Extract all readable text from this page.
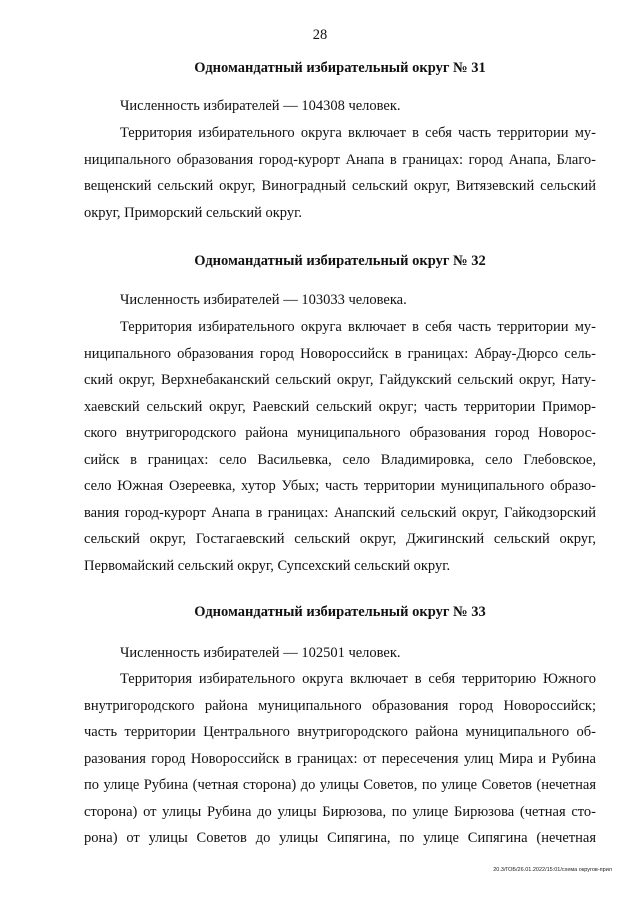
28
Одномандатный избирательный округ № 31
Численность избирателей — 104308 человек.
Территория избирательного округа включает в себя часть территории му-
ниципального образования город-курорт Анапа в границах: город Анапа, Благо-
вещенский сельский округ, Виноградный сельский округ, Витязевский сельский
округ, Приморский сельский округ.
Одномандатный избирательный округ № 32
Численность избирателей — 103033 человека.
Территория избирательного округа включает в себя часть территории му-
ниципального образования город Новороссийск в границах: Абрау-Дюрсо сель-
ский округ, Верхнебаканский сельский округ, Гайдукский сельский округ, Нату-
хаевский сельский округ, Раевский сельский округ; часть территории Примор-
ского внутригородского района муниципального образования город Новорос-
сийск в границах: село Васильевка, село Владимировка, село Глебовское,
село Южная Озереевка, хутор Убых; часть территории муниципального образо-
вания город-курорт Анапа в границах: Анапский сельский округ, Гайкодзорский
сельский округ, Гостагаевский сельский округ, Джигинский сельский округ,
Первомайский сельский округ, Супсехский сельский округ.
Одномандатный избирательный округ № 33
Численность избирателей — 102501 человек.
Территория избирательного округа включает в себя территорию Южного
внутригородского района муниципального образования город Новороссийск;
часть территории Центрального внутригородского района муниципального об-
разования город Новороссийск в границах: от пересечения улиц Мира и Рубина
по улице Рубина (четная сторона) до улицы Советов, по улице Советов (нечетная
сторона) от улицы Рубина до улицы Бирюзова, по улице Бирюзова (четная сто-
рона) от улицы Советов до улицы Сипягина, по улице Сипягина (нечетная
20.3/ГОБ/26.01.2022/15:01/схема округов-прил
